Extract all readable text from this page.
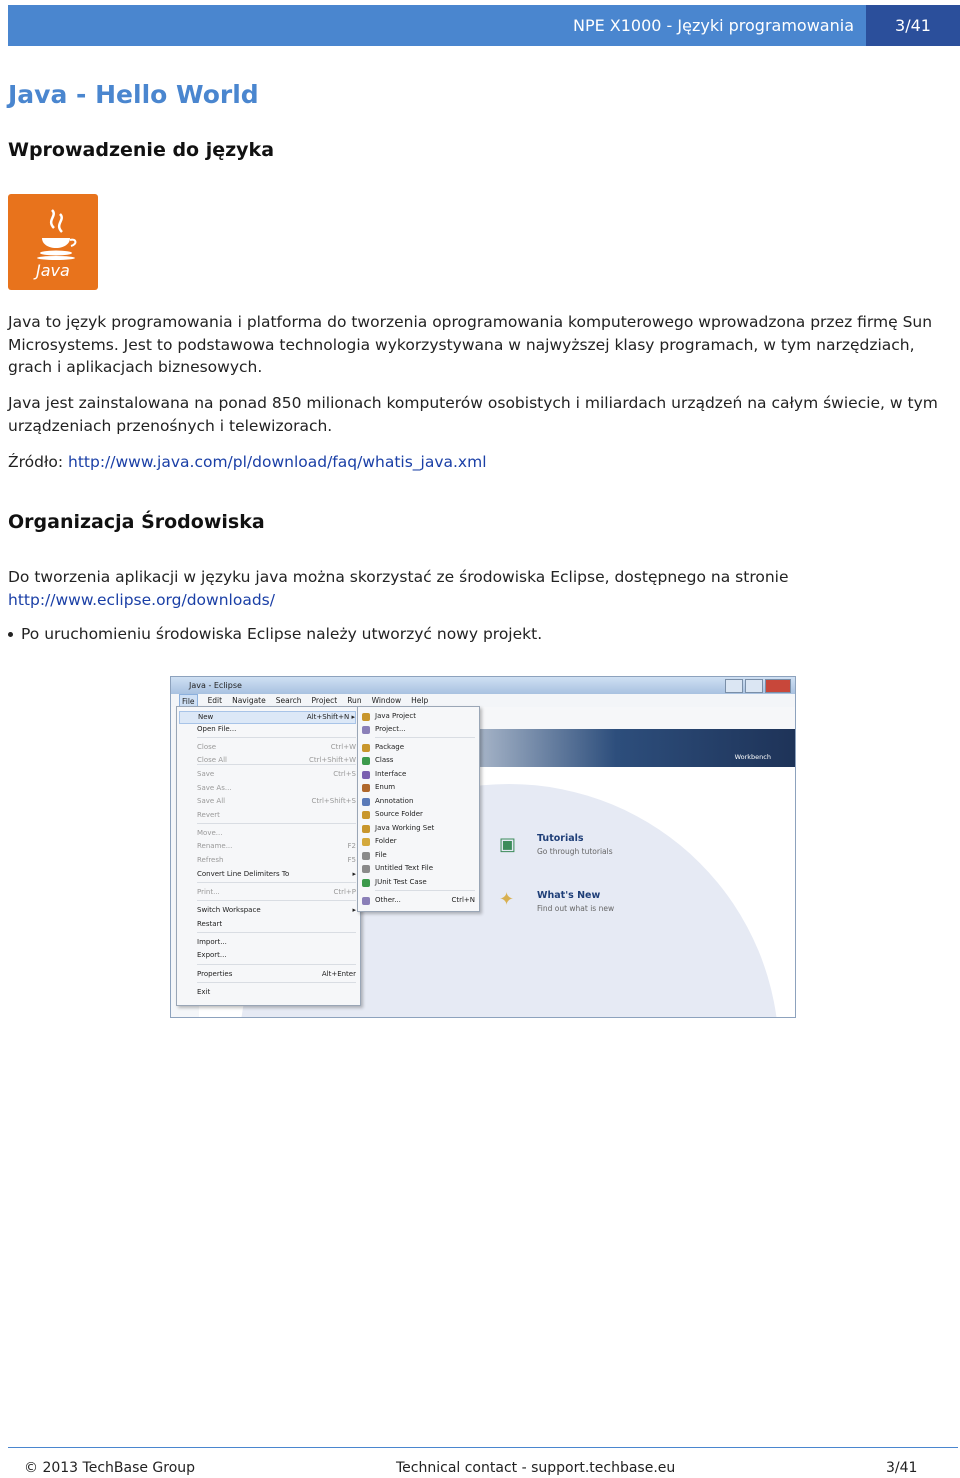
NPE X1000 - Języki programowania	3/41
Java - Hello World
Wprowadzenie do języka
Java

Java to język programowania i platforma do tworzenia oprogramowania komputerowego wprowadzona przez firmę Sun Microsystems. Jest to podstawowa technologia wykorzystywana w najwyższej klasy programach, w tym narzędziach, grach i aplikacjach biznesowych.

Java jest zainstalowana na ponad 850 milionach komputerów osobistych i miliardach urządzeń na całym świecie, w tym urządzeniach przenośnych i telewizorach.

Źródło: http://www.java.com/pl/download/faq/whatis_java.xml

Organizacja Środowiska

Do tworzenia aplikacji w języku java można skorzystać ze środowiska Eclipse, dostępnego na stronie http://www.eclipse.org/downloads/

Po uruchomieniu środowiska Eclipse należy utworzyć nowy projekt.
Java - Eclipse
File	Edit Navigate Search Project Run Window Help
Workbench
▣ Tutorials
Go through tutorials
✦ What's New
Find out what is new
New	Alt+Shift+N ▸
Open File...
Close	Ctrl+W
Close All	Ctrl+Shift+W
Save	Ctrl+S
Save As...
Save All	Ctrl+Shift+S
Revert
Move...
Rename...	F2
Refresh	F5
Convert Line Delimiters To	▸
Print...	Ctrl+P
Switch Workspace	▸
Restart
Import...
Export...
Properties	Alt+Enter
Exit
Java Project
Project...
Package
Class
Interface
Enum
Annotation
Source Folder
Java Working Set
Folder
File
Untitled Text File
JUnit Test Case
Other...	Ctrl+N
© 2013 TechBase Group	Technical contact - support.techbase.eu	3/41
